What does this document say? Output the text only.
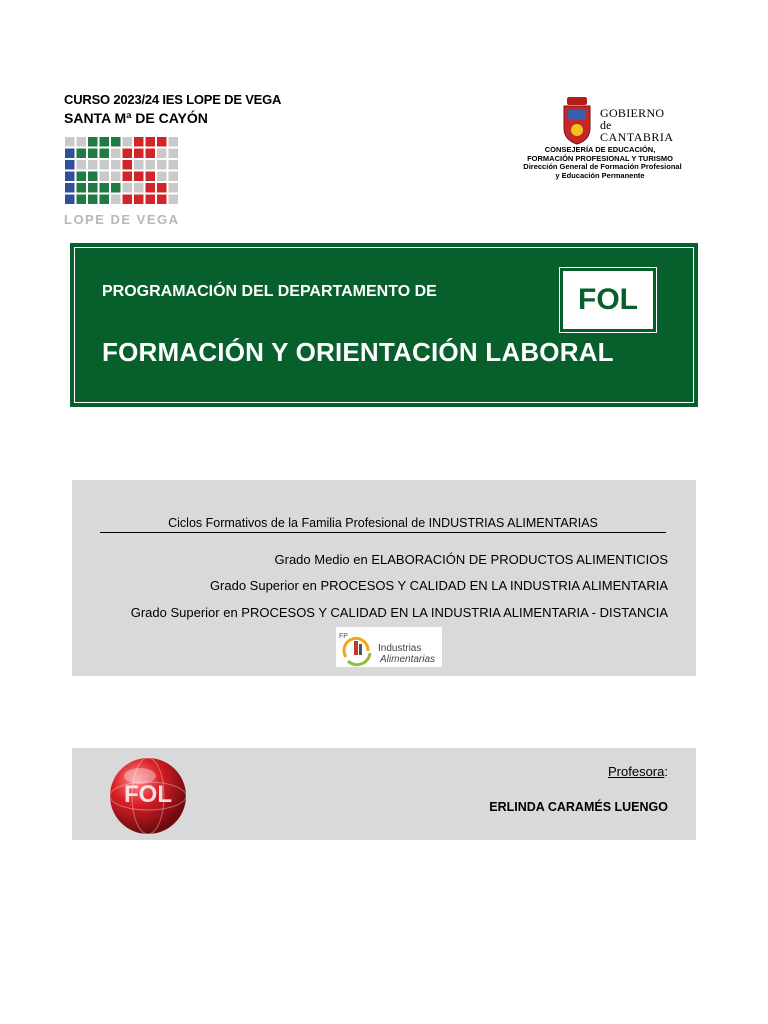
CURSO 2023/24 IES LOPE DE VEGA
SANTA Mª DE CAYÓN
LOPE DE VEGA
GOBIERNO
de
CANTABRIA
CONSEJERÍA DE EDUCACIÓN,
FORMACIÓN PROFESIONAL Y TURISMO
Dirección General de Formación Profesional
y Educación Permanente
PROGRAMACIÓN DEL DEPARTAMENTO DE
FORMACIÓN Y ORIENTACIÓN LABORAL
FOL
Ciclos Formativos de la Familia Profesional de INDUSTRIAS ALIMENTARIAS
Grado Medio en ELABORACIÓN DE PRODUCTOS ALIMENTICIOS
Grado Superior en PROCESOS Y CALIDAD EN LA INDUSTRIA ALIMENTARIA
Grado Superior en PROCESOS Y CALIDAD EN LA INDUSTRIA ALIMENTARIA - DISTANCIA
FP
Industrias
Alimentarias
FOL
Profesora:
ERLINDA CARAMÉS LUENGO
